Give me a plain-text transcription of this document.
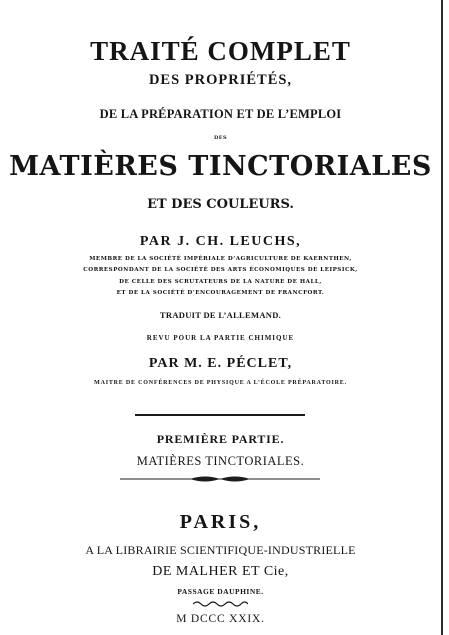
TRAITÉ COMPLET
DES PROPRIÉTÉS,
DE LA PRÉPARATION ET DE L’EMPLOI
DES
MATIÈRES TINCTORIALES
ET DES COULEURS.
PAR J. CH. LEUCHS,
MEMBRE DE LA SOCIÉTÉ IMPÉRIALE D’AGRICULTURE DE KAERNTHEN,
CORRESPONDANT DE LA SOCIÉTÉ DES ARTS ÉCONOMIQUES DE LEIPSICK,
DE CELLE DES SCRUTATEURS DE LA NATURE DE HALL,
ET DE LA SOCIÉTÉ D’ENCOURAGEMENT DE FRANCFORT.
TRADUIT DE L’ALLEMAND.
REVU POUR LA PARTIE CHIMIQUE
PAR M. E. PÉCLET,
MAITRE DE CONFÉRENCES DE PHYSIQUE A L’ÉCOLE PRÉPARATOIRE.
PREMIÈRE PARTIE.
MATIÈRES TINCTORIALES.
PARIS,
A LA LIBRAIRIE SCIENTIFIQUE-INDUSTRIELLE
DE MALHER ET Cie,
PASSAGE DAUPHINE.
M DCCC XXIX.
